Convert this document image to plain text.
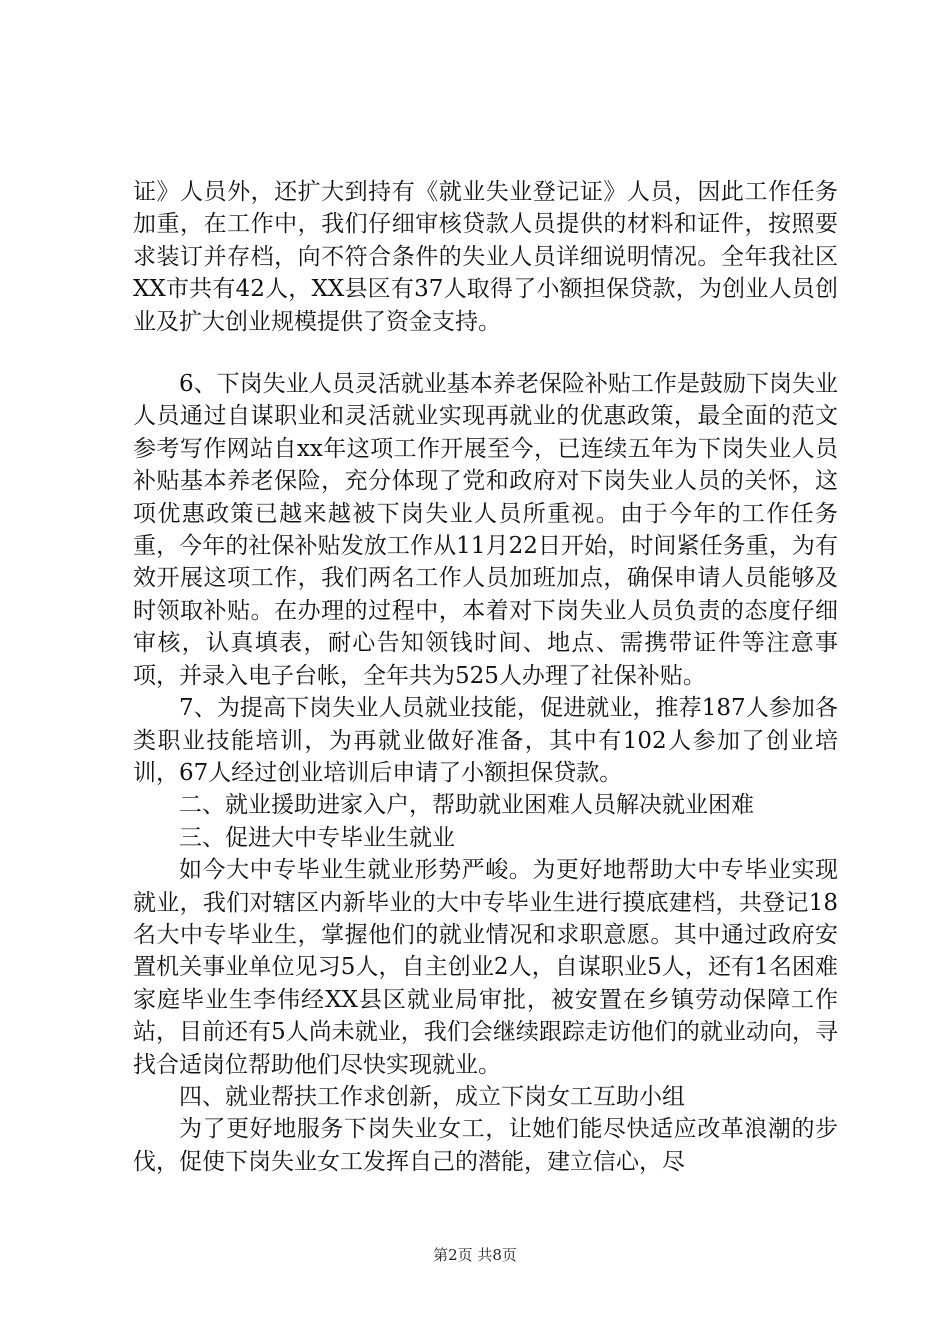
证》人员外，还扩大到持有《就业失业登记证》人员，因此工作任务加重，在工作中，我们仔细审核贷款人员提供的材料和证件，按照要求装订并存档，向不符合条件的失业人员详细说明情况。全年我社区XX市共有42人，XX县区有37人取得了小额担保贷款，为创业人员创业及扩大创业规模提供了资金支持。

6、下岗失业人员灵活就业基本养老保险补贴工作是鼓励下岗失业人员通过自谋职业和灵活就业实现再就业的优惠政策，最全面的范文参考写作网站自xx年这项工作开展至今，已连续五年为下岗失业人员补贴基本养老保险，充分体现了党和政府对下岗失业人员的关怀，这项优惠政策已越来越被下岗失业人员所重视。由于今年的工作任务重，今年的社保补贴发放工作从11月22日开始，时间紧任务重，为有效开展这项工作，我们两名工作人员加班加点，确保申请人员能够及时领取补贴。在办理的过程中，本着对下岗失业人员负责的态度仔细审核，认真填表，耐心告知领钱时间、地点、需携带证件等注意事项，并录入电子台帐，全年共为525人办理了社保补贴。

7、为提高下岗失业人员就业技能，促进就业，推荐187人参加各类职业技能培训，为再就业做好准备，其中有102人参加了创业培训，67人经过创业培训后申请了小额担保贷款。

二、就业援助进家入户，帮助就业困难人员解决就业困难

三、促进大中专毕业生就业

如今大中专毕业生就业形势严峻。为更好地帮助大中专毕业实现就业，我们对辖区内新毕业的大中专毕业生进行摸底建档，共登记18名大中专毕业生，掌握他们的就业情况和求职意愿。其中通过政府安置机关事业单位见习5人，自主创业2人，自谋职业5人，还有1名困难家庭毕业生李伟经XX县区就业局审批，被安置在乡镇劳动保障工作站，目前还有5人尚未就业，我们会继续跟踪走访他们的就业动向，寻找合适岗位帮助他们尽快实现就业。

四、就业帮扶工作求创新，成立下岗女工互助小组

为了更好地服务下岗失业女工，让她们能尽快适应改革浪潮的步伐，促使下岗失业女工发挥自己的潜能，建立信心，尽

第2页 共8页
